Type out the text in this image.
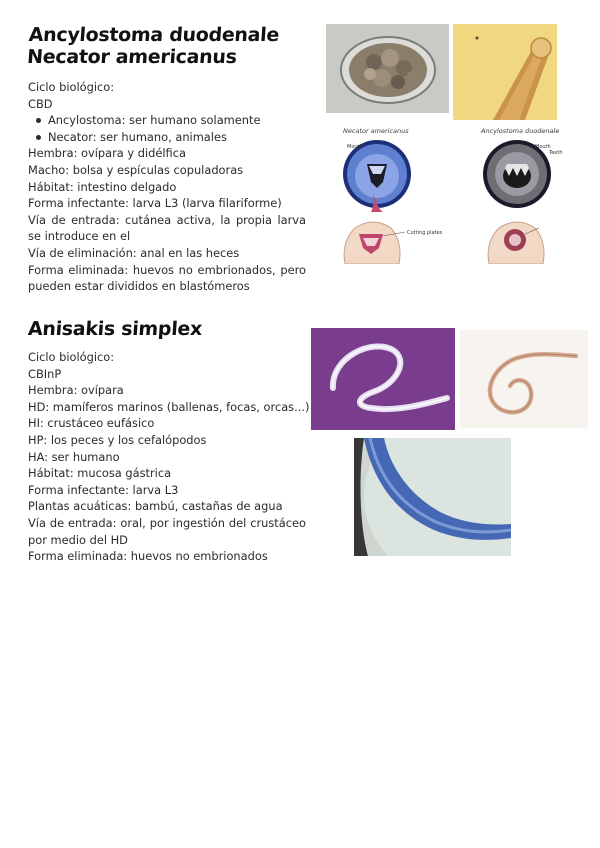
Ancylostoma duodenale
Necator americanus
Ciclo biológico:
CBD
Ancylostoma: ser humano solamente
Necator: ser humano, animales
Hembra: ovípara y didélfica
Macho: bolsa y espículas copuladoras
Hábitat: intestino delgado
Forma infectante: larva L3 (larva filariforme)
Vía de entrada: cutánea activa, la propia larva se introduce en el
Vía de eliminación: anal en las heces
Forma eliminada: huevos no embrionados, pero pueden estar divididos en blastómeros
Necator americanus	Ancylostoma duodenale
Mouth	Mouth
Teeth
Cutting plates
Anisakis simplex
Ciclo biológico:
CBInP
Hembra: ovípara
HD: mamíferos marinos (ballenas, focas, orcas...)
HI: crustáceo eufásico
HP: los peces y los cefalópodos
HA: ser humano
Hábitat: mucosa gástrica
Forma infectante: larva L3
Plantas acuáticas: bambú, castañas de agua
Vía de entrada: oral, por ingestión del crustáceo por medio del HD
Forma eliminada: huevos no embrionados
